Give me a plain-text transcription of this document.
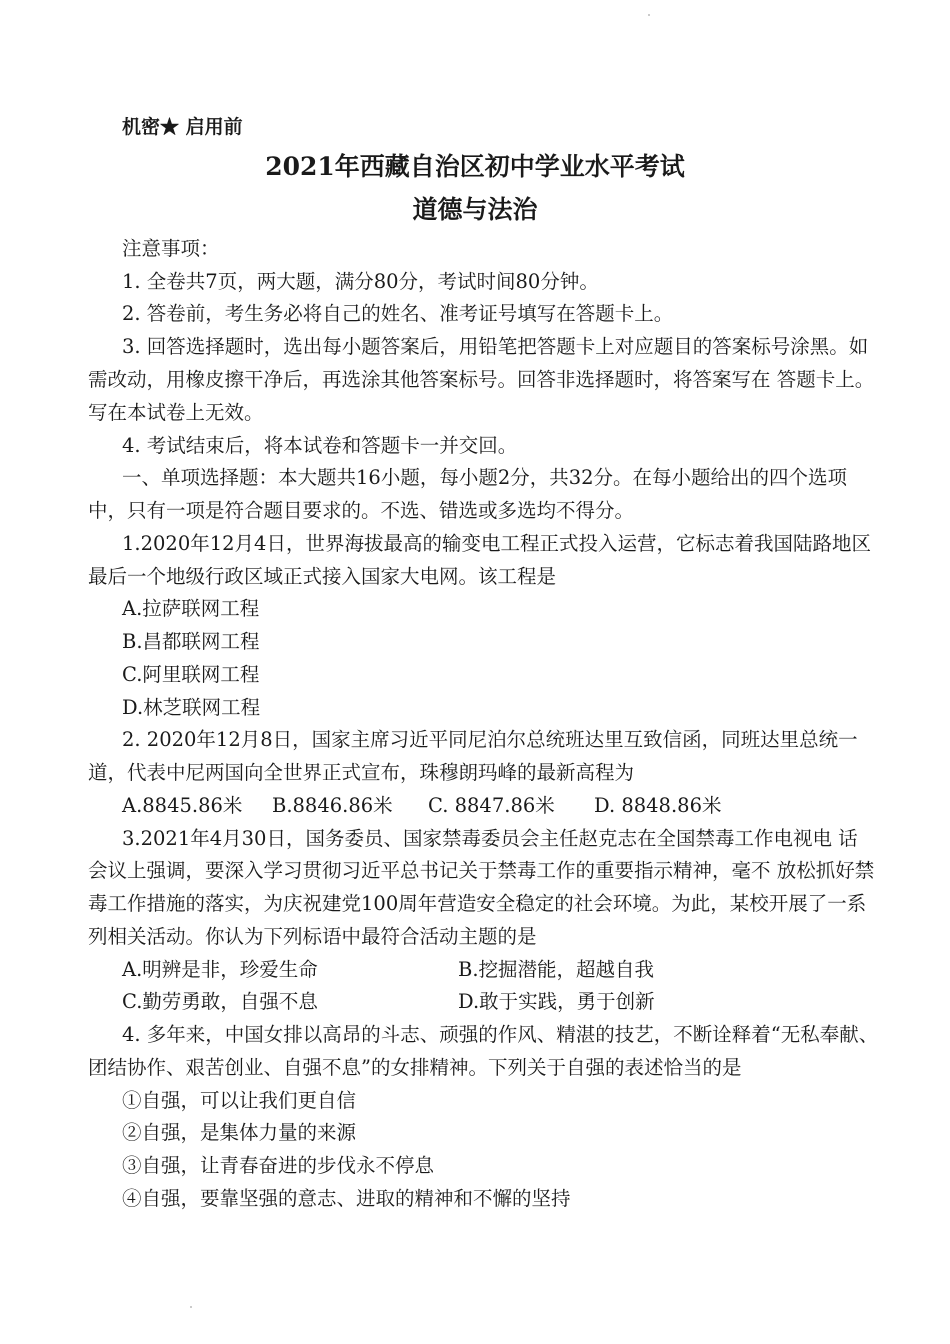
机密★ 启用前
2021年西藏自治区初中学业水平考试
道德与法治
注意事项：
1. 全卷共7页，两大题，满分80分，考试时间80分钟。
2. 答卷前，考生务必将自己的姓名、准考证号填写在答题卡上。
3. 回答选择题时，选出每小题答案后，用铅笔把答题卡上对应题目的答案标号涂黑。如
需改动，用橡皮擦干净后，再选涂其他答案标号。回答非选择题时，将答案写在 答题卡上。
写在本试卷上无效。
4. 考试结束后，将本试卷和答题卡一并交回。
一、单项选择题：本大题共16小题，每小题2分，共32分。在每小题给出的四个选项
中，只有一项是符合题目要求的。不选、错选或多选均不得分。
1.2020年12月4日，世界海拔最高的输变电工程正式投入运营，它标志着我国陆路地区
最后一个地级行政区域正式接入国家大电网。该工程是
A.拉萨联网工程
B.昌都联网工程
C.阿里联网工程
D.林芝联网工程
2. 2020年12月8日，国家主席习近平同尼泊尔总统班达里互致信函，同班达里总统一
道，代表中尼两国向全世界正式宣布，珠穆朗玛峰的最新高程为
A.8845.86米 B.8846.86米 C. 8847.86米 D. 8848.86米
3.2021年4月30日，国务委员、国家禁毒委员会主任赵克志在全国禁毒工作电视电 话
会议上强调，要深入学习贯彻习近平总书记关于禁毒工作的重要指示精神，毫不 放松抓好禁
毒工作措施的落实，为庆祝建党100周年营造安全稳定的社会环境。为此，某校开展了一系
列相关活动。你认为下列标语中最符合活动主题的是
A.明辨是非，珍爱生命	B.挖掘潜能，超越自我
C.勤劳勇敢，自强不息	D.敢于实践，勇于创新
4. 多年来，中国女排以高昂的斗志、顽强的作风、精湛的技艺，不断诠释着“无私奉献、
团结协作、艰苦创业、自强不息”的女排精神。下列关于自强的表述恰当的是
①自强，可以让我们更自信
②自强，是集体力量的来源
③自强，让青春奋进的步伐永不停息
④自强，要靠坚强的意志、进取的精神和不懈的坚持
